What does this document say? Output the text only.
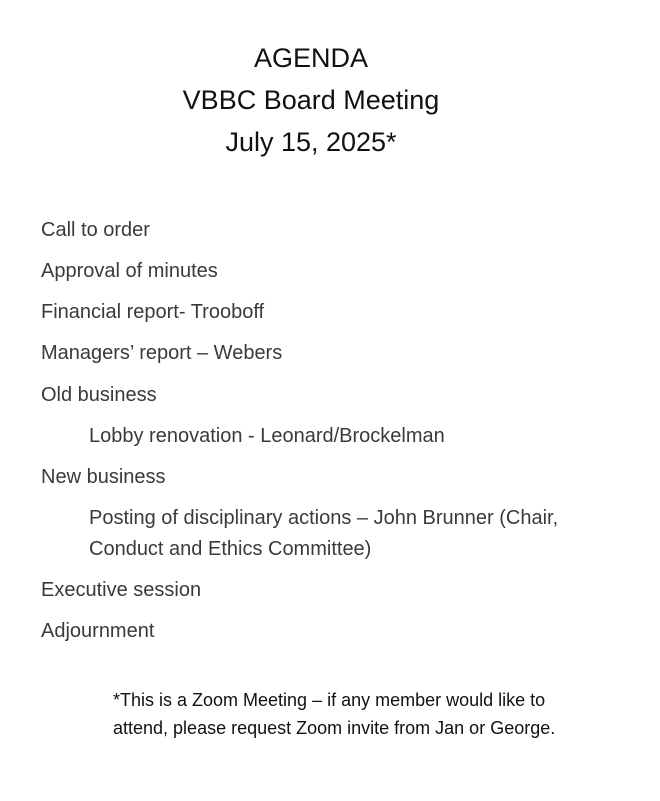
AGENDA
VBBC Board Meeting
July 15, 2025*
Call to order
Approval of minutes
Financial report- Trooboff
Managers’ report – Webers
Old business
Lobby renovation - Leonard/Brockelman
New business
Posting of disciplinary actions – John Brunner (Chair, Conduct and Ethics Committee)
Executive session
Adjournment
*This is a Zoom Meeting – if any member would like to attend, please request Zoom invite from Jan or George.
